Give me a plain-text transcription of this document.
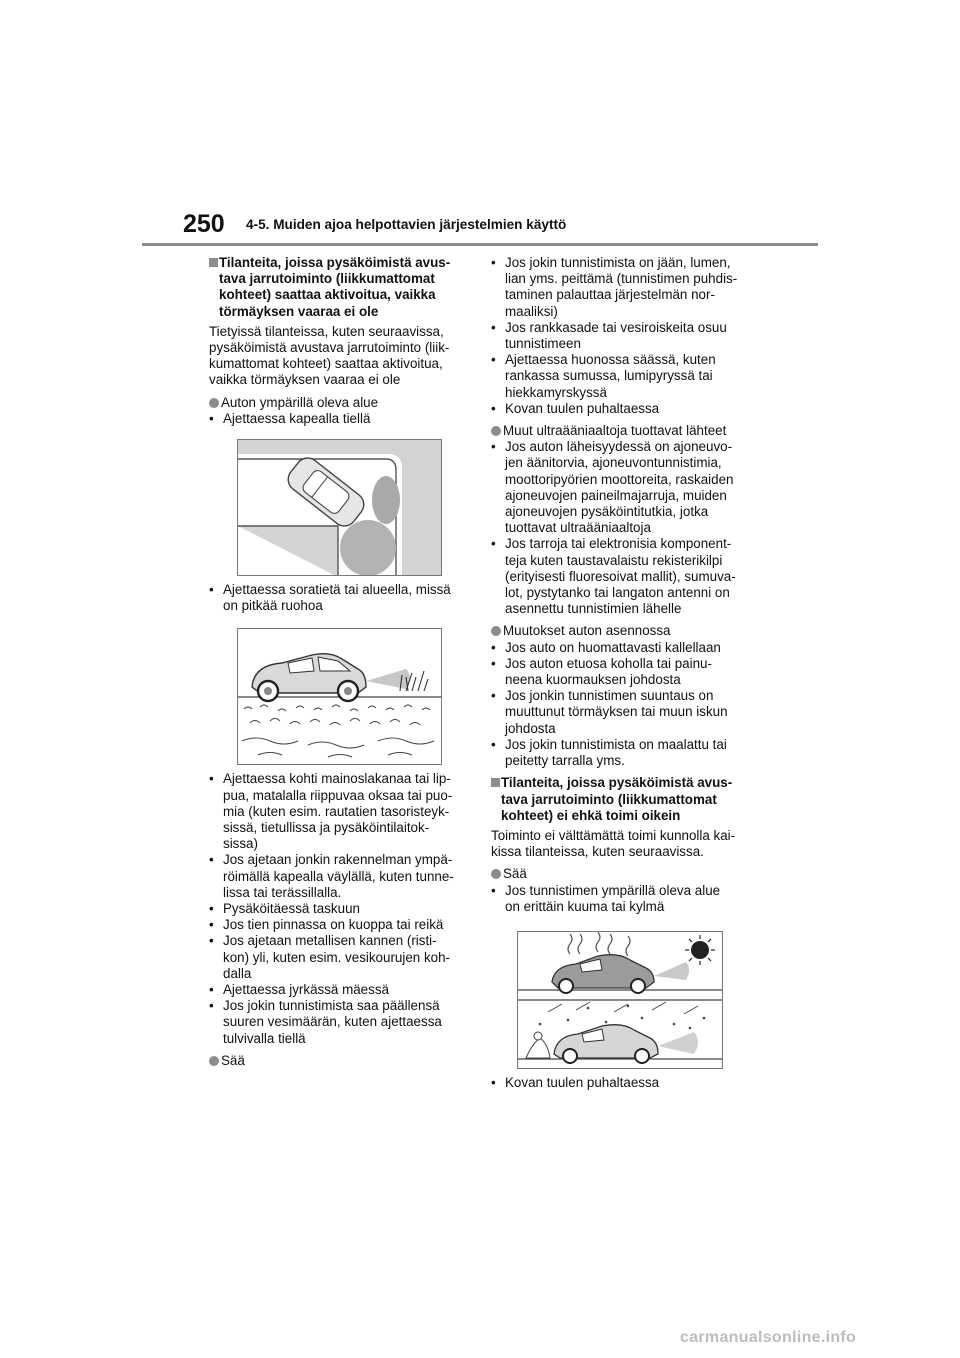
250 4-5. Muiden ajoa helpottavien järjestelmien käyttö
Tilanteita, joissa pysäköimistä avus-
tava jarrutoiminto (liikkumattomat
kohteet) saattaa aktivoitua, vaikka
törmäyksen vaaraa ei ole
Tietyissä tilanteissa, kuten seuraavissa,
pysäköimistä avustava jarrutoiminto (liik-
kumattomat kohteet) saattaa aktivoitua,
vaikka törmäyksen vaaraa ei ole
Auton ympärillä oleva alue
• Ajettaessa kapealla tiellä
• Ajettaessa soratietä tai alueella, missä
on pitkää ruohoa
• Ajettaessa kohti mainoslakanaa tai lip-
pua, matalalla riippuvaa oksaa tai puo-
mia (kuten esim. rautatien tasoristeyk-
sissä, tietullissa ja pysäköintilaitok-
sissa)
• Jos ajetaan jonkin rakennelman ympä-
röimällä kapealla väylällä, kuten tunne-
lissa tai terässillalla.
• Pysäköitäessä taskuun
• Jos tien pinnassa on kuoppa tai reikä
• Jos ajetaan metallisen kannen (risti-
kon) yli, kuten esim. vesikourujen koh-
dalla
• Ajettaessa jyrkässä mäessä
• Jos jokin tunnistimista saa päällensä
suuren vesimäärän, kuten ajettaessa
tulvivalla tiellä
Sää
• Jos jokin tunnistimista on jään, lumen,
lian yms. peittämä (tunnistimen puhdis-
taminen palauttaa järjestelmän nor-
maaliksi)
• Jos rankkasade tai vesiroiskeita osuu
tunnistimeen
• Ajettaessa huonossa säässä, kuten
rankassa sumussa, lumipyryssä tai
hiekkamyrskyssä
• Kovan tuulen puhaltaessa
Muut ultraääniaaltoja tuottavat lähteet
• Jos auton läheisyydessä on ajoneuvo-
jen äänitorvia, ajoneuvontunnistimia,
moottoripyörien moottoreita, raskaiden
ajoneuvojen paineilmajarruja, muiden
ajoneuvojen pysäköintitutkia, jotka
tuottavat ultraääniaaltoja
• Jos tarroja tai elektronisia komponent-
teja kuten taustavalaistu rekisterikilpi
(erityisesti fluoresoivat mallit), sumuva-
lot, pystytanko tai langaton antenni on
asennettu tunnistimien lähelle
Muutokset auton asennossa
• Jos auto on huomattavasti kallellaan
• Jos auton etuosa koholla tai painu-
neena kuormauksen johdosta
• Jos jonkin tunnistimen suuntaus on
muuttunut törmäyksen tai muun iskun
johdosta
• Jos jokin tunnistimista on maalattu tai
peitetty tarralla yms.
Tilanteita, joissa pysäköimistä avus-
tava jarrutoiminto (liikkumattomat
kohteet) ei ehkä toimi oikein
Toiminto ei välttämättä toimi kunnolla kai-
kissa tilanteissa, kuten seuraavissa.
Sää
• Jos tunnistimen ympärillä oleva alue
on erittäin kuuma tai kylmä
• Kovan tuulen puhaltaessa
carmanualsonline.info
